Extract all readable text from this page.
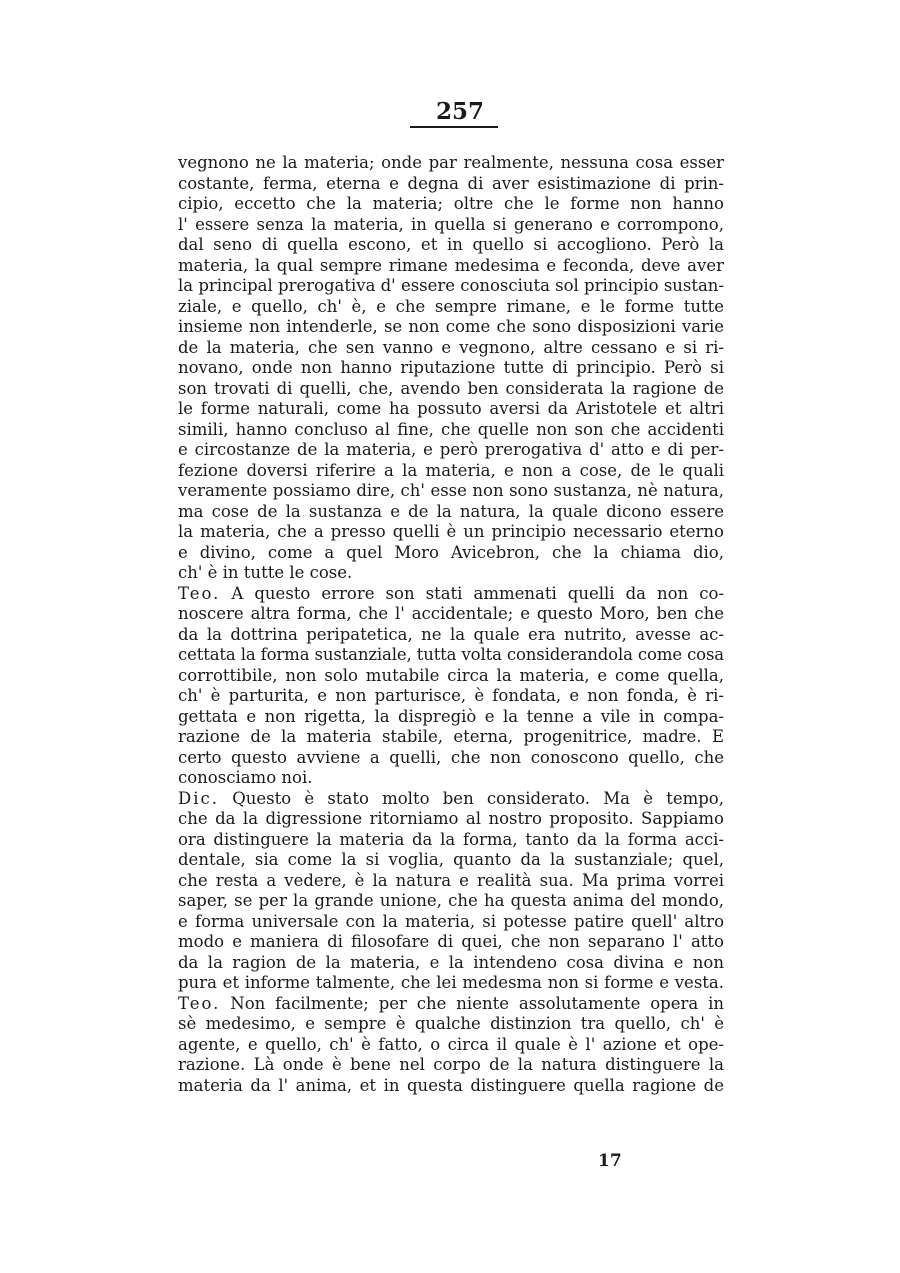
257
vegnono ne la materia; onde par realmente, nessuna cosa esser
costante, ferma, eterna e degna di aver esistimazione di prin-
cipio, eccetto che la materia; oltre che le forme non hanno
l' essere senza la materia, in quella si generano e corrompono,
dal seno di quella escono, et in quello si accogliono. Però la
materia, la qual sempre rimane medesima e feconda, deve aver
la principal prerogativa d' essere conosciuta sol principio sustan-
ziale, e quello, ch' è, e che sempre rimane, e le forme tutte
insieme non intenderle, se non come che sono disposizioni varie
de la materia, che sen vanno e vegnono, altre cessano e si ri-
novano, onde non hanno riputazione tutte di principio. Però si
son trovati di quelli, che, avendo ben considerata la ragione de
le forme naturali, come ha possuto aversi da Aristotele et altri
simili, hanno concluso al fine, che quelle non son che accidenti
e circostanze de la materia, e però prerogativa d' atto e di per-
fezione doversi riferire a la materia, e non a cose, de le quali
veramente possiamo dire, ch' esse non sono sustanza, nè natura,
ma cose de la sustanza e de la natura, la quale dicono essere
la materia, che a presso quelli è un principio necessario eterno
e divino, come a quel Moro Avicebron, che la chiama dio,
ch' è in tutte le cose.
Teo. A questo errore son stati ammenati quelli da non co-
noscere altra forma, che l' accidentale; e questo Moro, ben che
da la dottrina peripatetica, ne la quale era nutrito, avesse ac-
cettata la forma sustanziale, tutta volta considerandola come cosa
corrottibile, non solo mutabile circa la materia, e come quella,
ch' è parturita, e non parturisce, è fondata, e non fonda, è ri-
gettata e non rigetta, la dispregiò e la tenne a vile in compa-
razione de la materia stabile, eterna, progenitrice, madre. E
certo questo avviene a quelli, che non conoscono quello, che
conosciamo noi.
Dic. Questo è stato molto ben considerato. Ma è tempo,
che da la digressione ritorniamo al nostro proposito. Sappiamo
ora distinguere la materia da la forma, tanto da la forma acci-
dentale, sia come la si voglia, quanto da la sustanziale; quel,
che resta a vedere, è la natura e realità sua. Ma prima vorrei
saper, se per la grande unione, che ha questa anima del mondo,
e forma universale con la materia, si potesse patire quell' altro
modo e maniera di filosofare di quei, che non separano l' atto
da la ragion de la materia, e la intendeno cosa divina e non
pura et informe talmente, che lei medesma non si forme e vesta.
Teo. Non facilmente; per che niente assolutamente opera in
sè medesimo, e sempre è qualche distinzion tra quello, ch' è
agente, e quello, ch' è fatto, o circa il quale è l' azione et ope-
razione. Là onde è bene nel corpo de la natura distinguere la
materia da l' anima, et in questa distinguere quella ragione de
17
